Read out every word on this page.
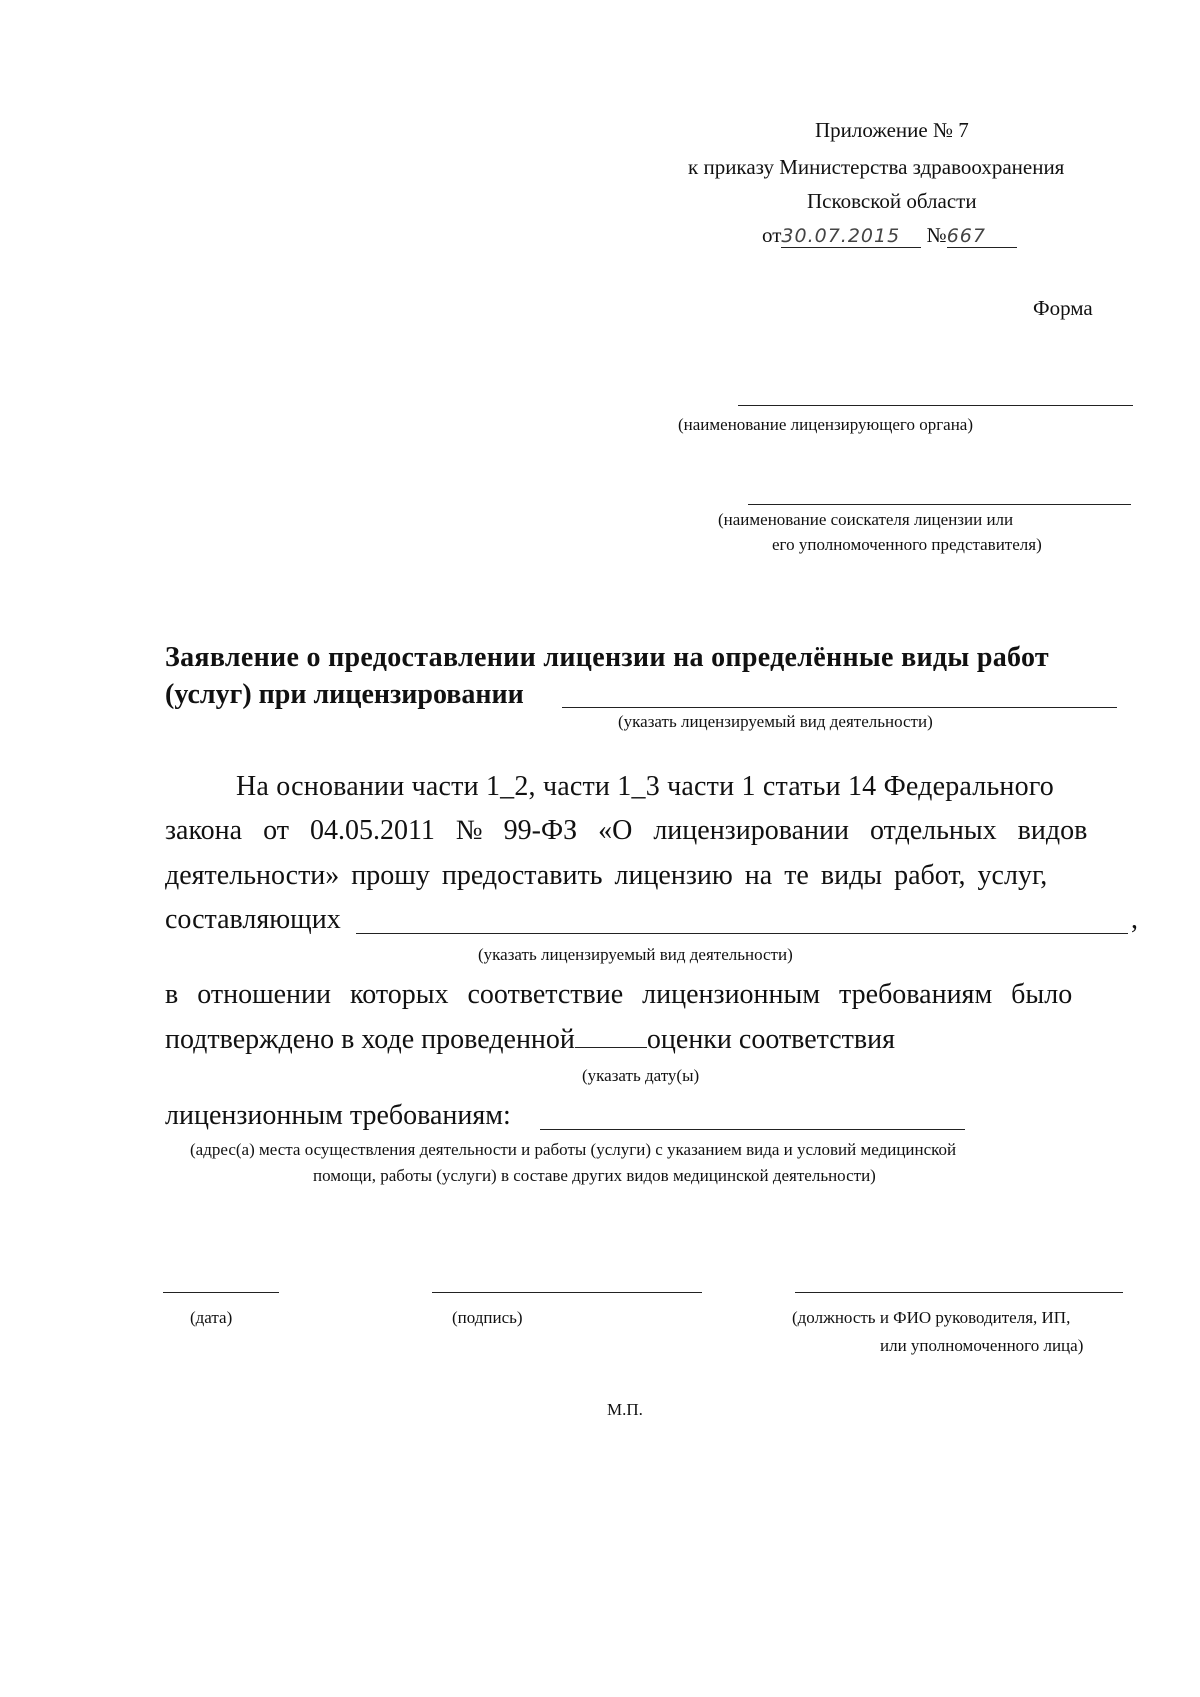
Приложение № 7
к приказу Министерства здравоохранения
Псковской области
от30.07.2015 №667
Форма
(наименование лицензирующего органа)
(наименование соискателя лицензии или
его уполномоченного представителя)
Заявление о предоставлении лицензии на определённые виды работ
(услуг) при лицензировании
(указать лицензируемый вид деятельности)
На основании части 1_2, части 1_3 части 1 статьи 14 Федерального
закона от 04.05.2011 № 99-ФЗ «О лицензировании отдельных видов
деятельности» прошу предоставить лицензию на те виды работ, услуг,
составляющих	,
(указать лицензируемый вид деятельности)
в отношении которых соответствие лицензионным требованиям было
подтверждено в ходе проведенной	оценки соответствия
(указать дату(ы)
лицензионным требованиям:
(адрес(а) места осуществления деятельности и работы (услуги) с указанием вида и условий медицинской
помощи, работы (услуги) в составе других видов медицинской деятельности)
(дата)	(подпись)	(должность и ФИО руководителя, ИП,
или уполномоченного лица)
М.П.
